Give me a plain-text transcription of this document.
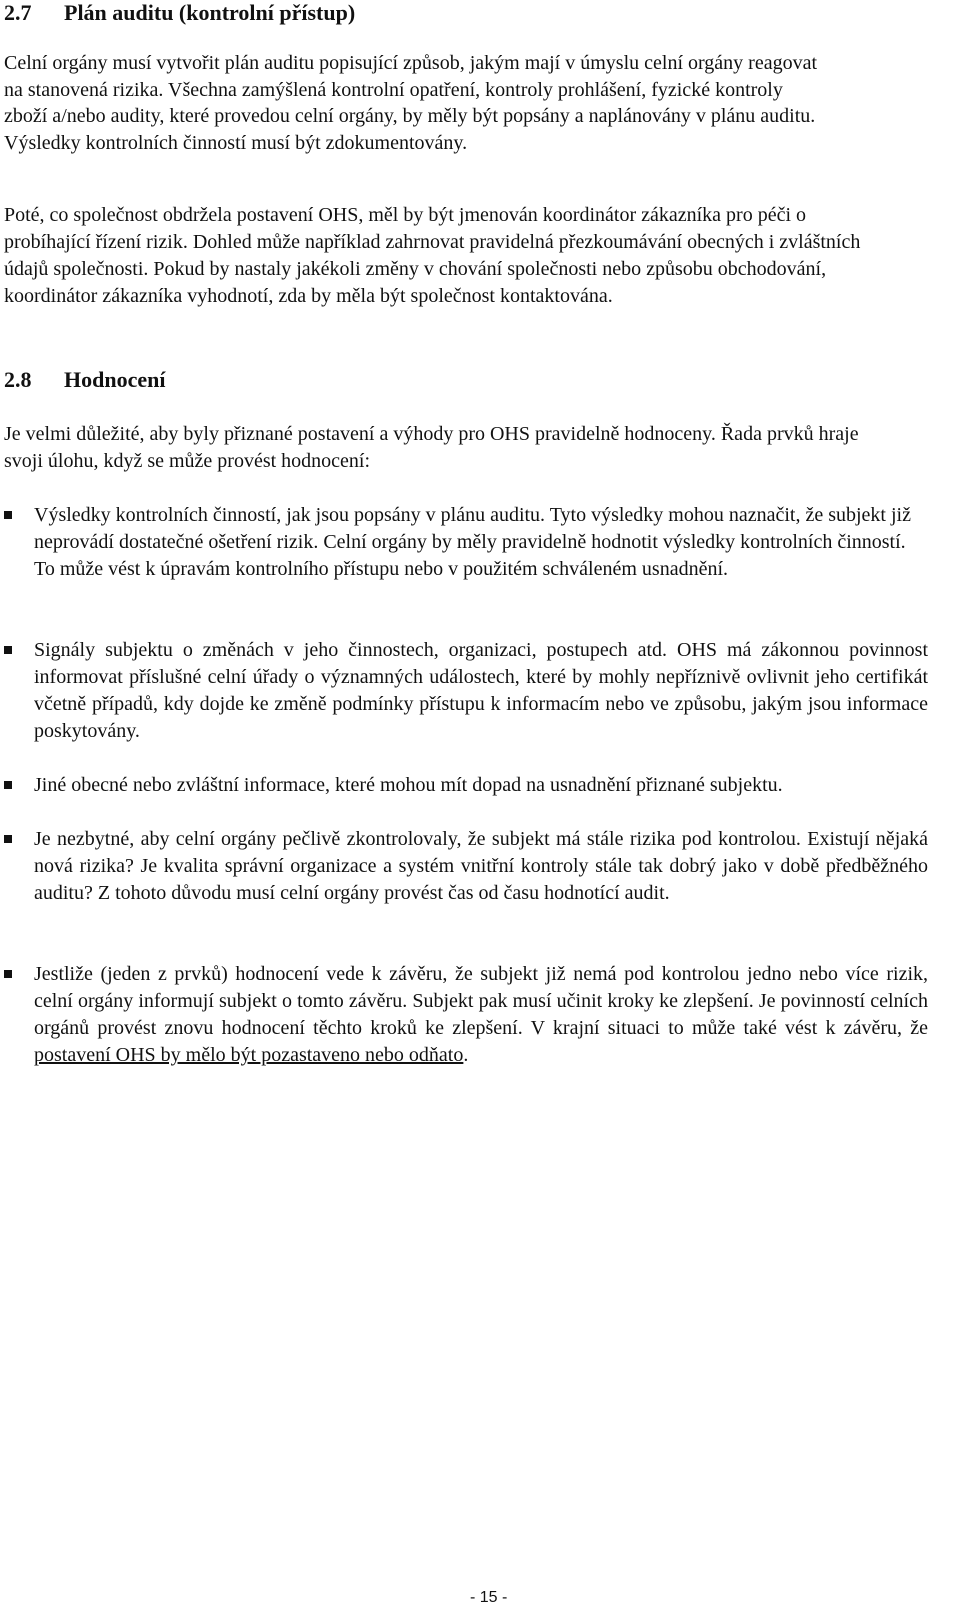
2.7 Plán auditu (kontrolní přístup)
Celní orgány musí vytvořit plán auditu popisující způsob, jakým mají v úmyslu celní orgány reagovat na stanovená rizika. Všechna zamýšlená kontrolní opatření, kontroly prohlášení, fyzické kontroly zboží a/nebo audity, které provedou celní orgány, by měly být popsány a naplánovány v plánu auditu. Výsledky kontrolních činností musí být zdokumentovány.
Poté, co společnost obdržela postavení OHS, měl by být jmenován koordinátor zákazníka pro péči o probíhající řízení rizik. Dohled může například zahrnovat pravidelná přezkoumávání obecných i zvláštních údajů společnosti. Pokud by nastaly jakékoli změny v chování společnosti nebo způsobu obchodování, koordinátor zákazníka vyhodnotí, zda by měla být společnost kontaktována.
2.8 Hodnocení
Je velmi důležité, aby byly přiznané postavení a výhody pro OHS pravidelně hodnoceny. Řada prvků hraje svoji úlohu, když se může provést hodnocení:
Výsledky kontrolních činností, jak jsou popsány v plánu auditu. Tyto výsledky mohou naznačit, že subjekt již neprovádí dostatečné ošetření rizik. Celní orgány by měly pravidelně hodnotit výsledky kontrolních činností. To může vést k úpravám kontrolního přístupu nebo v použitém schváleném usnadnění.
Signály subjektu o změnách v jeho činnostech, organizaci, postupech atd. OHS má zákonnou povinnost informovat příslušné celní úřady o významných událostech, které by mohly nepříznivě ovlivnit jeho certifikát včetně případů, kdy dojde ke změně podmínky přístupu k informacím nebo ve způsobu, jakým jsou informace poskytovány.
Jiné obecné nebo zvláštní informace, které mohou mít dopad na usnadnění přiznané subjektu.
Je nezbytné, aby celní orgány pečlivě zkontrolovaly, že subjekt má stále rizika pod kontrolou. Existují nějaká nová rizika? Je kvalita správní organizace a systém vnitřní kontroly stále tak dobrý jako v době předběžného auditu? Z tohoto důvodu musí celní orgány provést čas od času hodnotící audit.
Jestliže (jeden z prvků) hodnocení vede k závěru, že subjekt již nemá pod kontrolou jedno nebo více rizik, celní orgány informují subjekt o tomto závěru. Subjekt pak musí učinit kroky ke zlepšení. Je povinností celních orgánů provést znovu hodnocení těchto kroků ke zlepšení. V krajní situaci to může také vést k závěru, že postavení OHS by mělo být pozastaveno nebo odňato.
- 15 -
